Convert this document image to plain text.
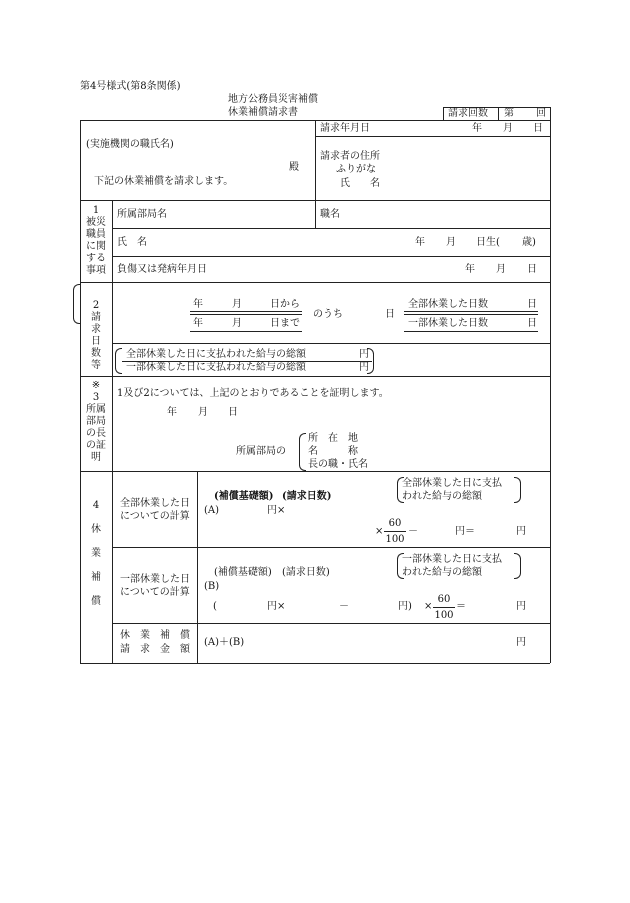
第4号様式(第8条関係)
地方公務員災害補償
休業補償請求書	請求回数 第 回
(実施機関の職氏名)
殿
下記の休業補償を請求します。
請求年月日	年 月 日
請求者の住所
ふりがな
氏　　名
1
被災
職員
に関
する
事項
所属部局名	職名
氏　名	年 月 日生( 歳)
負傷又は発病年月日	年 月 日
2
請
求
日
数
等
年	月	日から
年	月	日まで
のうち	日
全部休業した日数	日
一部休業した日数	日
全部休業した日に支払われた給与の総額	円
一部休業した日に支払われた給与の総額	円
※
3
所属
部局
の長
の証
明
1及び2については、上記のとおりであることを証明します。
年 月 日
所属部局の
所　在　地
名　　　称
長の職・氏名
4

休

業

補

償
全部休業した日
についての計算
(補償基礎額) (請求日数)
(A)	円×
全部休業した日に支払
われた給与の総額
×
60
100
－	円＝	円
一部休業した日
についての計算
(補償基礎額) (請求日数)
(B)
一部休業した日に支払
われた給与の総額
(	円×	－	円) ×
60
100
＝	円
休　業　補　償
請　求　金　額
(A)＋(B)	円
